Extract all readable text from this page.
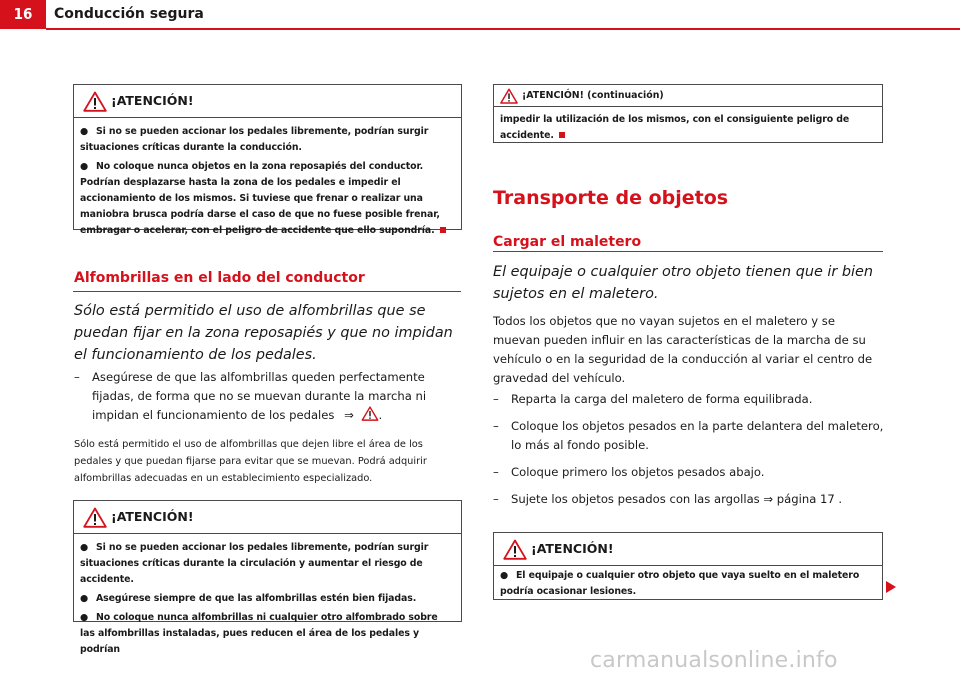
16	Conducción segura
¡ATENCIÓN!

● Si no se pueden accionar los pedales libremente, podrían surgir situaciones críticas durante la conducción.

● No coloque nunca objetos en la zona reposapiés del conductor. Podrían desplazarse hasta la zona de los pedales e impedir el accionamiento de los mismos. Si tuviese que frenar o realizar una maniobra brusca podría darse el caso de que no fuese posible frenar, embragar o acelerar, con el peligro de accidente que ello supondría.

Alfombrillas en el lado del conductor
Sólo está permitido el uso de alfombrillas que se puedan fijar en la zona reposapiés y que no impidan el funcionamiento de los pedales.
– Asegúrese de que las alfombrillas queden perfectamente fijadas, de forma que no se muevan durante la marcha ni impidan el funcionamiento de los pedales ⇒ .
Sólo está permitido el uso de alfombrillas que dejen libre el área de los pedales y que puedan fijarse para evitar que se muevan. Podrá adquirir alfombrillas adecuadas en un establecimiento especializado.
¡ATENCIÓN!

● Si no se pueden accionar los pedales libremente, podrían surgir situaciones críticas durante la circulación y aumentar el riesgo de accidente.

● Asegúrese siempre de que las alfombrillas estén bien fijadas.

● No coloque nunca alfombrillas ni cualquier otro alfombrado sobre las alfombrillas instaladas, pues reducen el área de los pedales y podrían

¡ATENCIÓN! (continuación)

impedir la utilización de los mismos, con el consiguiente peligro de accidente.

Transporte de objetos
Cargar el maletero
El equipaje o cualquier otro objeto tienen que ir bien sujetos en el maletero.
Todos los objetos que no vayan sujetos en el maletero y se muevan pueden influir en las características de la marcha de su vehículo o en la seguridad de la conducción al variar el centro de gravedad del vehículo.
– Reparta la carga del maletero de forma equilibrada.
– Coloque los objetos pesados en la parte delantera del maletero, lo más al fondo posible.
– Coloque primero los objetos pesados abajo.
– Sujete los objetos pesados con las argollas ⇒ página 17 .
¡ATENCIÓN!

● El equipaje o cualquier otro objeto que vaya suelto en el maletero podría ocasionar lesiones.

carmanualsonline.info
